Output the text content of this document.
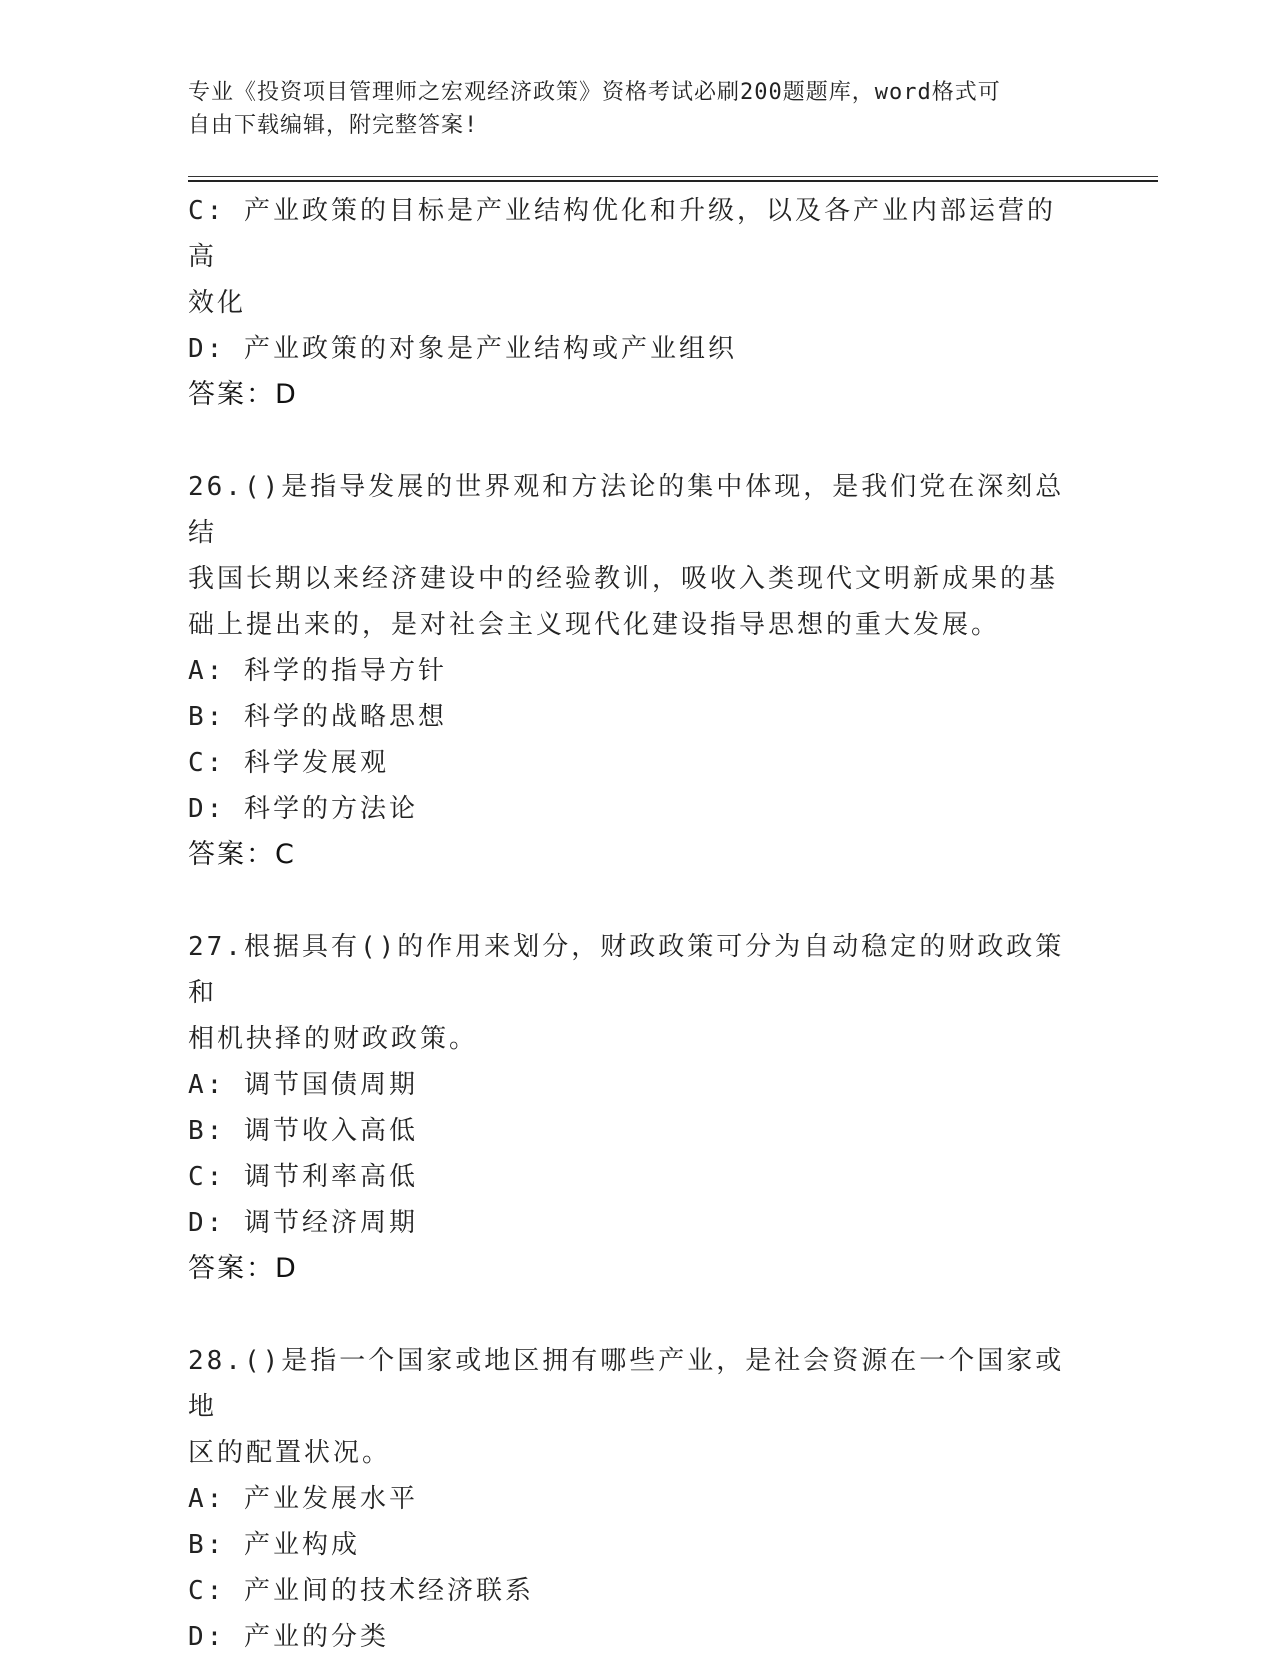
专业《投资项目管理师之宏观经济政策》资格考试必刷200题题库，word格式可
自由下载编辑，附完整答案!
C: 产业政策的目标是产业结构优化和升级，以及各产业内部运营的高
效化
D: 产业政策的对象是产业结构或产业组织
答案：D
26.()是指导发展的世界观和方法论的集中体现，是我们党在深刻总结
我国长期以来经济建设中的经验教训，吸收入类现代文明新成果的基
础上提出来的，是对社会主义现代化建设指导思想的重大发展。
A: 科学的指导方针
B: 科学的战略思想
C: 科学发展观
D: 科学的方法论
答案：C
27.根据具有()的作用来划分，财政政策可分为自动稳定的财政政策和
相机抉择的财政政策。
A: 调节国债周期
B: 调节收入高低
C: 调节利率高低
D: 调节经济周期
答案：D
28.()是指一个国家或地区拥有哪些产业，是社会资源在一个国家或地
区的配置状况。
A: 产业发展水平
B: 产业构成
C: 产业间的技术经济联系
D: 产业的分类
